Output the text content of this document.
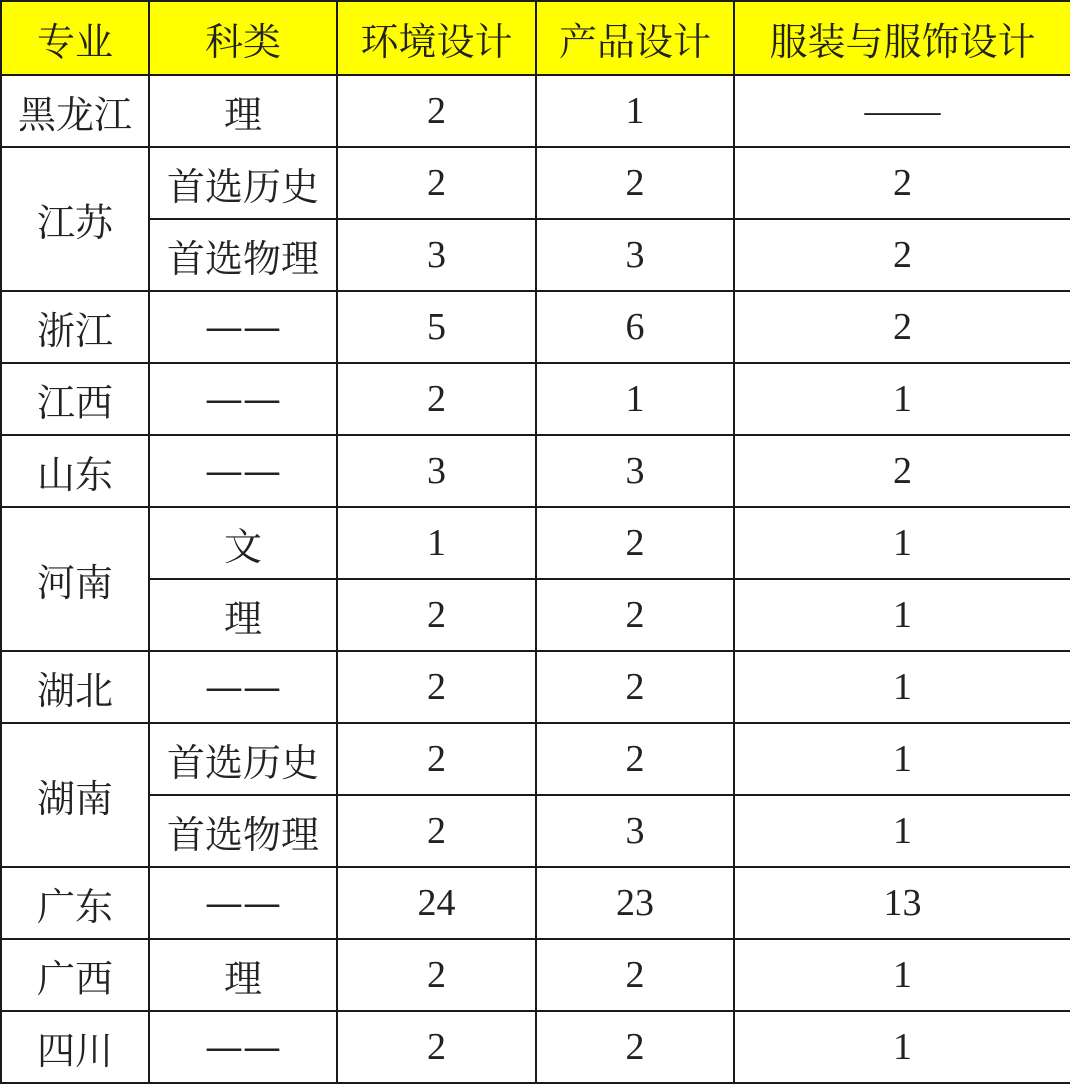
专业	科类	环境设计	产品设计	服装与服饰设计
黑龙江	理	2	1	——
江苏	首选历史	2	2	2
	首选物理	3	3	2
浙江	——	5	6	2
江西	——	2	1	1
山东	——	3	3	2
河南	文	1	2	1
	理	2	2	1
湖北	——	2	2	1
湖南	首选历史	2	2	1
	首选物理	2	3	1
广东	——	24	23	13
广西	理	2	2	1
四川	——	2	2	1
